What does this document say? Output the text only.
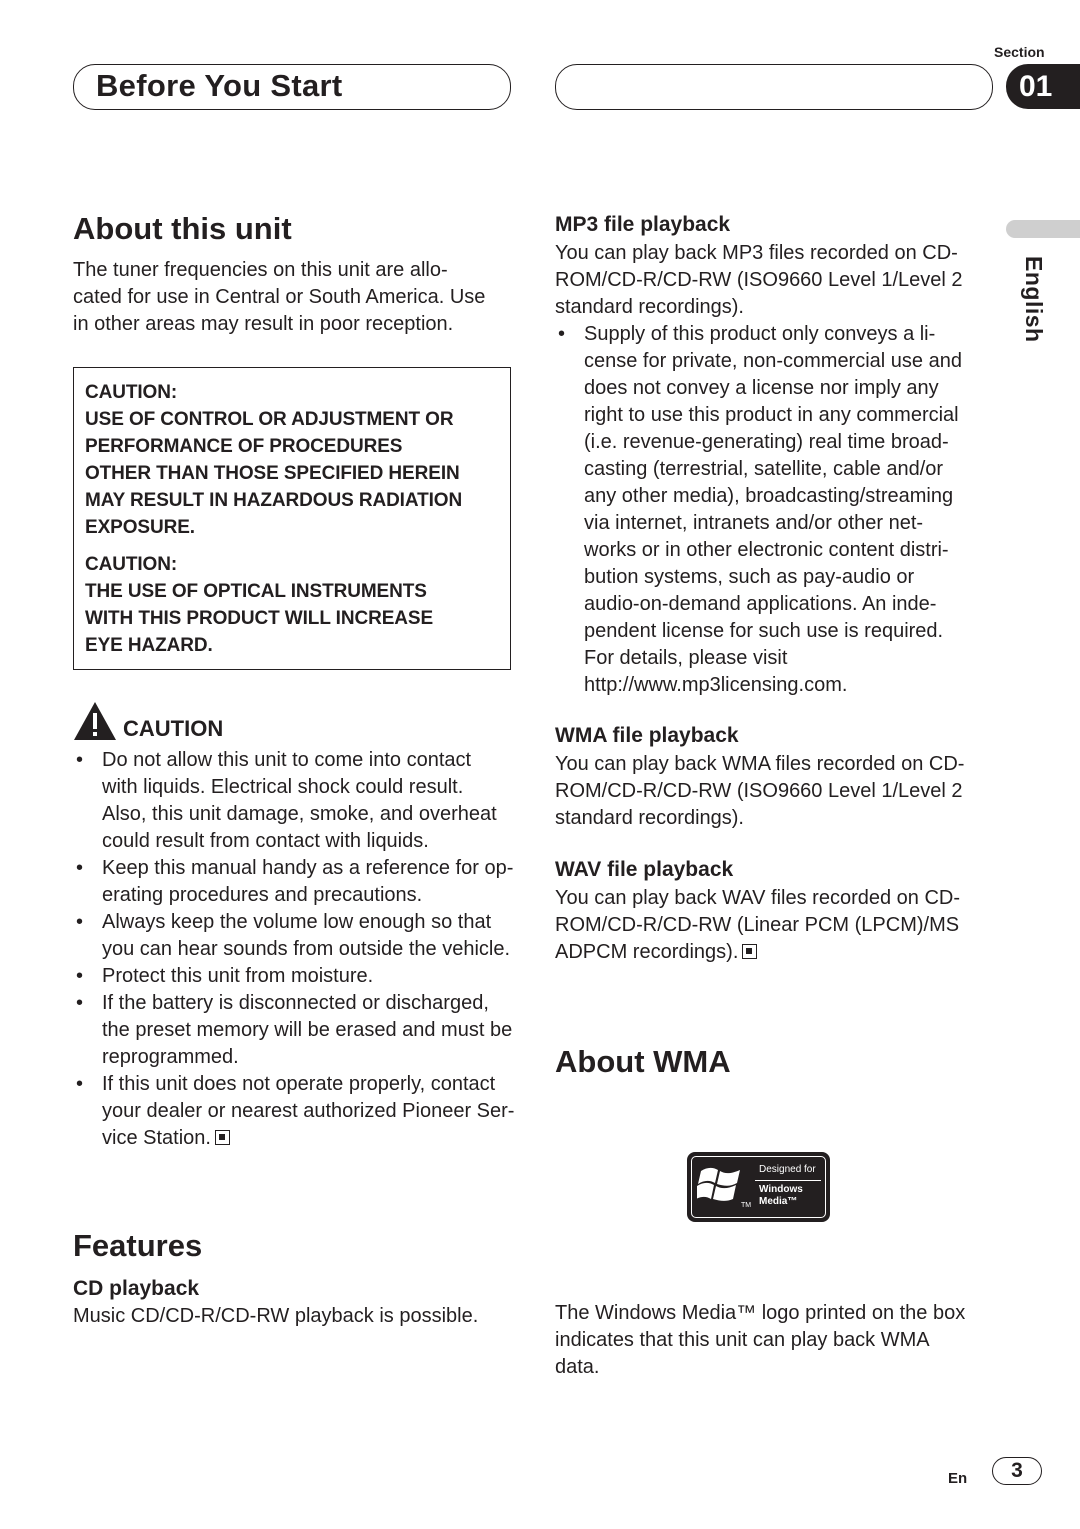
Before You Start
Section
01
English
About this unit
The tuner frequencies on this unit are allo-
cated for use in Central or South America. Use
in other areas may result in poor reception.
CAUTION:
USE OF CONTROL OR ADJUSTMENT OR
PERFORMANCE OF PROCEDURES
OTHER THAN THOSE SPECIFIED HEREIN
MAY RESULT IN HAZARDOUS RADIATION
EXPOSURE.
CAUTION:
THE USE OF OPTICAL INSTRUMENTS
WITH THIS PRODUCT WILL INCREASE
EYE HAZARD.
CAUTION
• Do not allow this unit to come into contact
with liquids. Electrical shock could result.
Also, this unit damage, smoke, and overheat
could result from contact with liquids.
• Keep this manual handy as a reference for op-
erating procedures and precautions.
• Always keep the volume low enough so that
you can hear sounds from outside the vehicle.
• Protect this unit from moisture.
• If the battery is disconnected or discharged,
the preset memory will be erased and must be
reprogrammed.
• If this unit does not operate properly, contact
your dealer or nearest authorized Pioneer Ser-
vice Station.
Features
CD playback
Music CD/CD-R/CD-RW playback is possible.
MP3 file playback
You can play back MP3 files recorded on CD-
ROM/CD-R/CD-RW (ISO9660 Level 1/Level 2
standard recordings).
• Supply of this product only conveys a li-
cense for private, non-commercial use and
does not convey a license nor imply any
right to use this product in any commercial
(i.e. revenue-generating) real time broad-
casting (terrestrial, satellite, cable and/or
any other media), broadcasting/streaming
via internet, intranets and/or other net-
works or in other electronic content distri-
bution systems, such as pay-audio or
audio-on-demand applications. An inde-
pendent license for such use is required.
For details, please visit
http://www.mp3licensing.com.
WMA file playback
You can play back WMA files recorded on CD-
ROM/CD-R/CD-RW (ISO9660 Level 1/Level 2
standard recordings).
WAV file playback
You can play back WAV files recorded on CD-
ROM/CD-R/CD-RW (Linear PCM (LPCM)/MS
ADPCM recordings).
About WMA
Designed for
Windows
Media™
TM
The Windows Media™ logo printed on the box
indicates that this unit can play back WMA
data.
En	3
